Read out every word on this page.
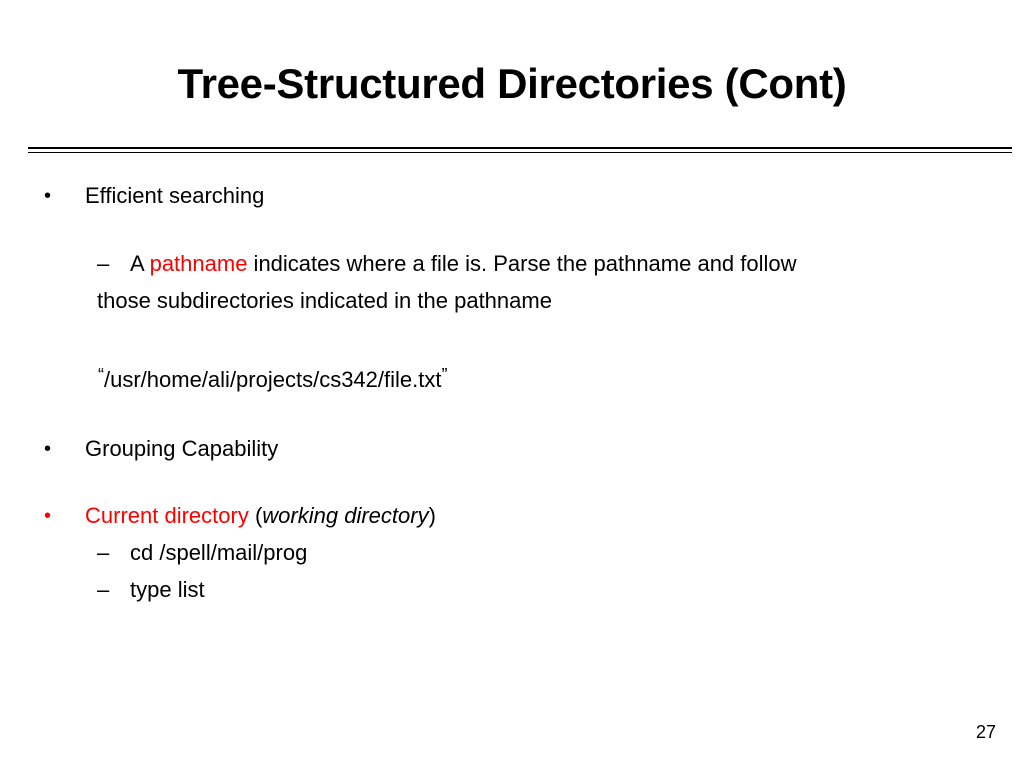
Tree-Structured Directories (Cont)
• Efficient searching
– A pathname indicates where a file is. Parse the pathname and follow
those subdirectories indicated in the pathname
“/usr/home/ali/projects/cs342/file.txt”
• Grouping Capability
• Current directory (working directory)
– cd /spell/mail/prog
– type list
27
